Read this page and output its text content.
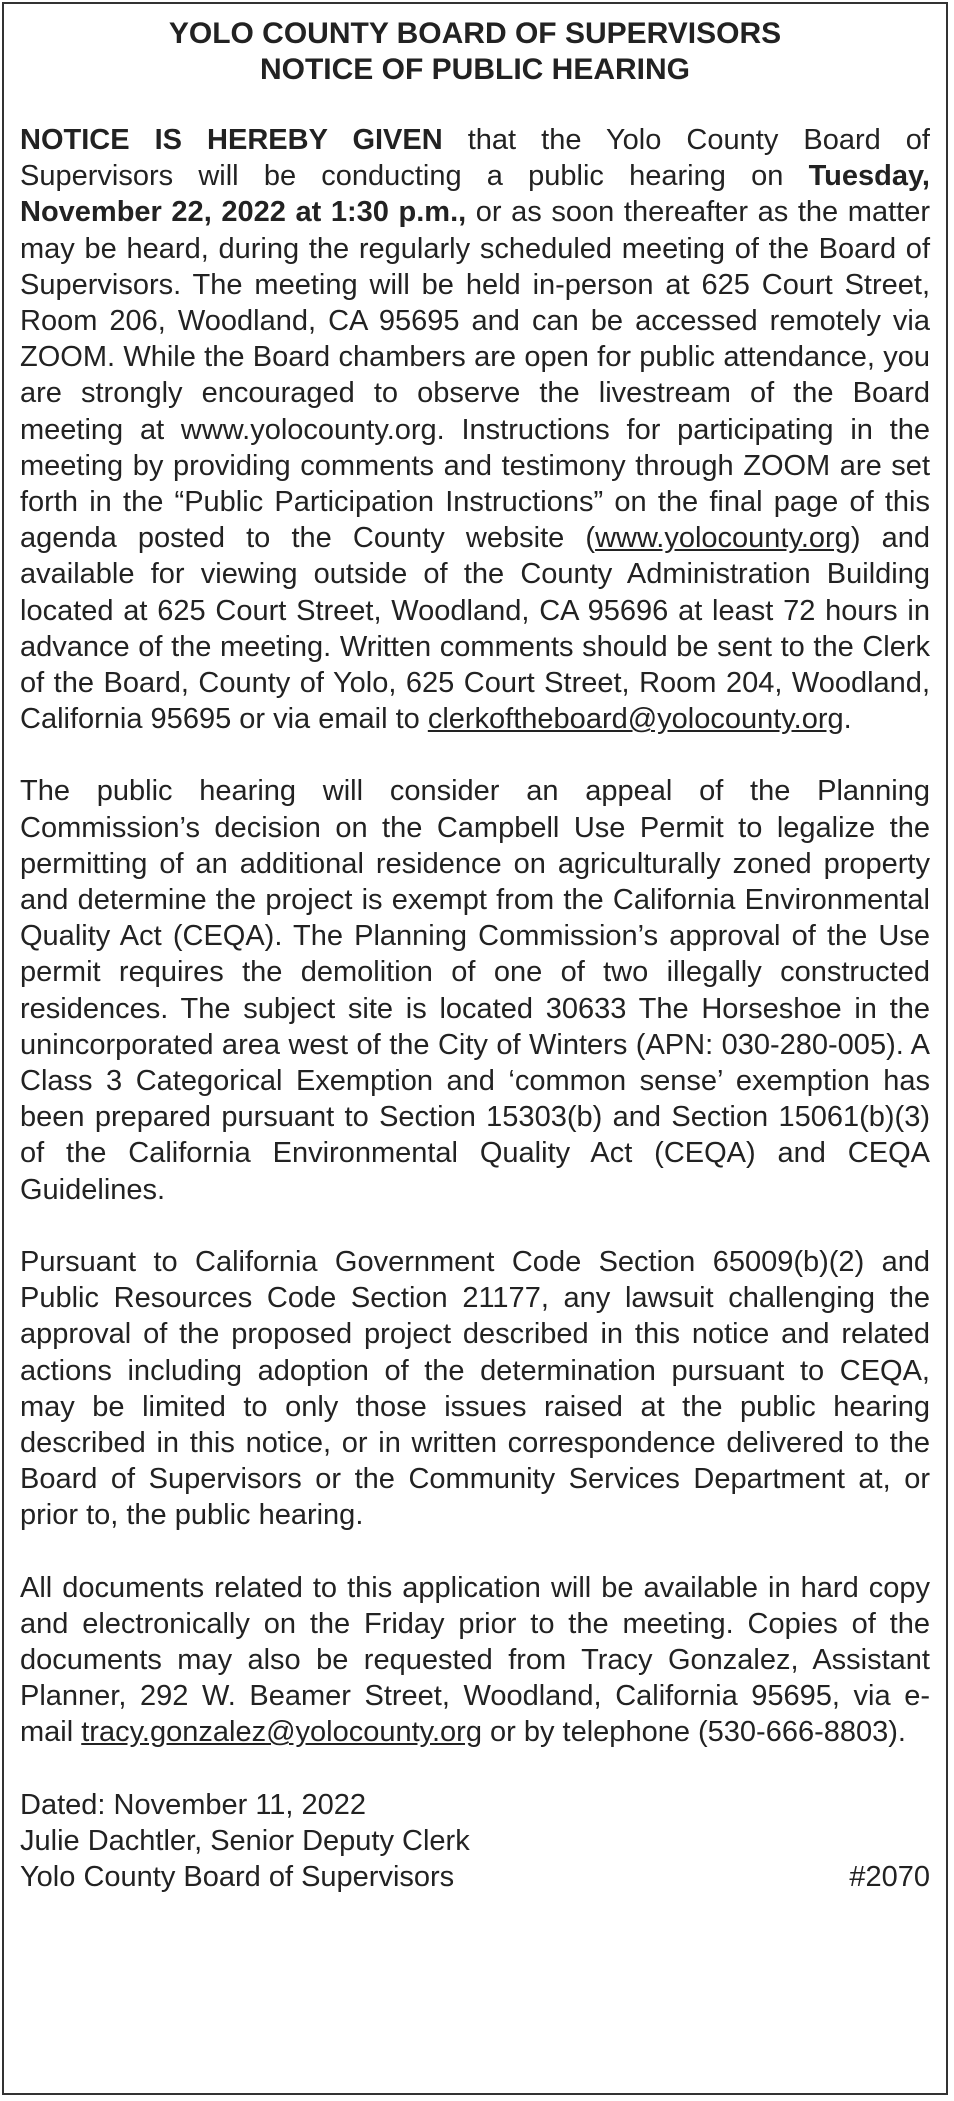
YOLO COUNTY BOARD OF SUPERVISORS
NOTICE OF PUBLIC HEARING

NOTICE IS HEREBY GIVEN that the Yolo County Board of Supervisors will be conducting a public hearing on Tuesday, November 22, 2022 at 1:30 p.m., or as soon thereafter as the matter may be heard, during the regularly scheduled meeting of the Board of Supervisors. The meeting will be held in-person at 625 Court Street, Room 206, Woodland, CA 95695 and can be accessed remotely via ZOOM. While the Board chambers are open for public attendance, you are strongly encouraged to observe the livestream of the Board meeting at www.yolocounty.org. Instructions for participating in the meeting by providing comments and testimony through ZOOM are set forth in the “Public Participation Instructions” on the final page of this agenda posted to the County website (www.yolocounty.org) and available for viewing outside of the County Administration Building located at 625 Court Street, Woodland, CA 95696 at least 72 hours in advance of the meeting. Written comments should be sent to the Clerk of the Board, County of Yolo, 625 Court Street, Room 204, Woodland, California 95695 or via email to clerkoftheboard@yolocounty.org.

The public hearing will consider an appeal of the Planning Commission’s decision on the Campbell Use Permit to legalize the permitting of an additional residence on agriculturally zoned property and determine the project is exempt from the California Environmental Quality Act (CEQA). The Planning Commission’s approval of the Use permit requires the demolition of one of two illegally constructed residences. The subject site is located 30633 The Horseshoe in the unincorporated area west of the City of Winters (APN: 030-280-005). A Class 3 Categorical Exemption and ‘common sense’ exemption has been prepared pursuant to Section 15303(b) and Section 15061(b)(3) of the California Environmental Quality Act (CEQA) and CEQA Guidelines.

Pursuant to California Government Code Section 65009(b)(2) and Public Resources Code Section 21177, any lawsuit challenging the approval of the proposed project described in this notice and related actions including adoption of the determination pursuant to CEQA, may be limited to only those issues raised at the public hearing described in this notice, or in written correspondence delivered to the Board of Supervisors or the Community Services Department at, or prior to, the public hearing.

All documents related to this application will be available in hard copy and electronically on the Friday prior to the meeting. Copies of the documents may also be requested from Tracy Gonzalez, Assistant Planner, 292 W. Beamer Street, Woodland, California 95695, via e-mail tracy.gonzalez@yolocounty.org or by telephone (530-666-8803).

Dated: November 11, 2022
Julie Dachtler, Senior Deputy Clerk
Yolo County Board of Supervisors	#2070
